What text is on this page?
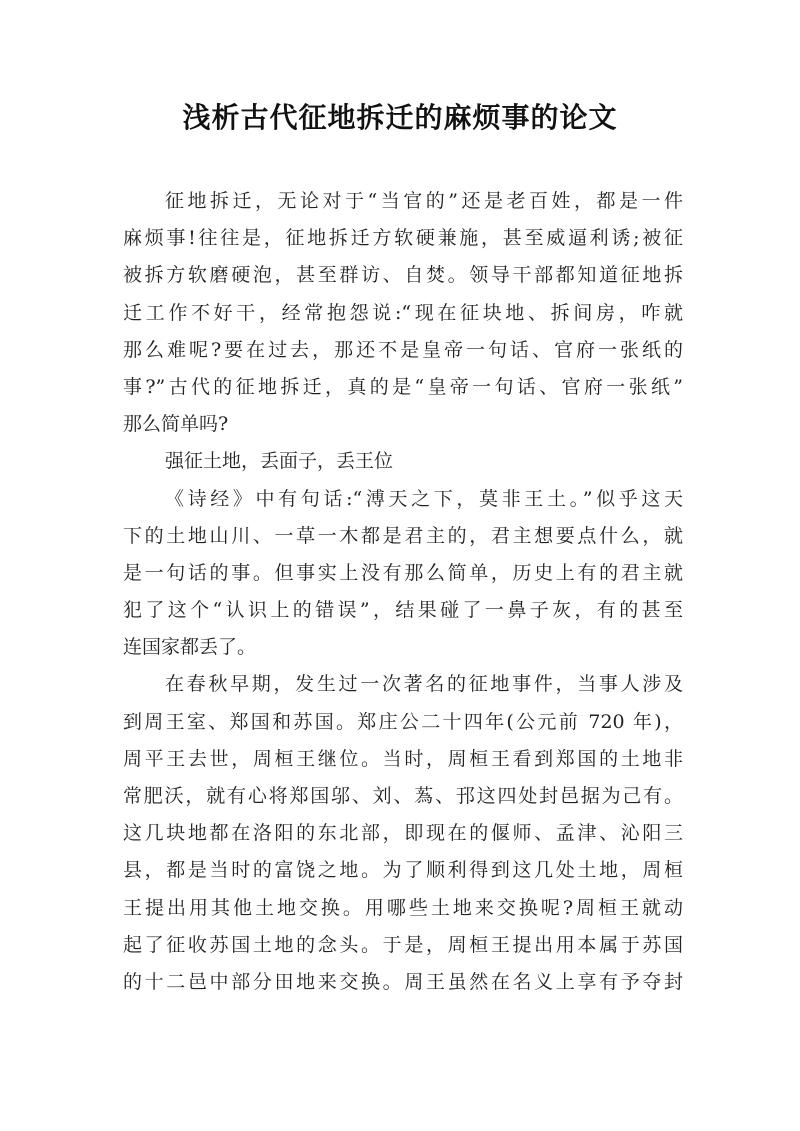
浅析古代征地拆迁的麻烦事的论文
征地拆迁，无论对于“当官的”还是老百姓，都是一件
麻烦事!往往是，征地拆迁方软硬兼施，甚至威逼利诱;被征
被拆方软磨硬泡，甚至群访、自焚。领导干部都知道征地拆
迁工作不好干，经常抱怨说:“现在征块地、拆间房，咋就
那么难呢?要在过去，那还不是皇帝一句话、官府一张纸的
事?”古代的征地拆迁，真的是“皇帝一句话、官府一张纸”
那么简单吗?
强征土地，丢面子，丢王位
《诗经》中有句话:“溥天之下，莫非王土。”似乎这天
下的土地山川、一草一木都是君主的，君主想要点什么，就
是一句话的事。但事实上没有那么简单，历史上有的君主就
犯了这个“认识上的错误”，结果碰了一鼻子灰，有的甚至
连国家都丢了。
在春秋早期，发生过一次著名的征地事件，当事人涉及
到周王室、郑国和苏国。郑庄公二十四年(公元前 720 年)，
周平王去世，周桓王继位。当时，周桓王看到郑国的土地非
常肥沃，就有心将郑国邬、刘、蒍、邘这四处封邑据为己有。
这几块地都在洛阳的东北部，即现在的偃师、孟津、沁阳三
县，都是当时的富饶之地。为了顺利得到这几处土地，周桓
王提出用其他土地交换。用哪些土地来交换呢?周桓王就动
起了征收苏国土地的念头。于是，周桓王提出用本属于苏国
的十二邑中部分田地来交换。周王虽然在名义上享有予夺封
